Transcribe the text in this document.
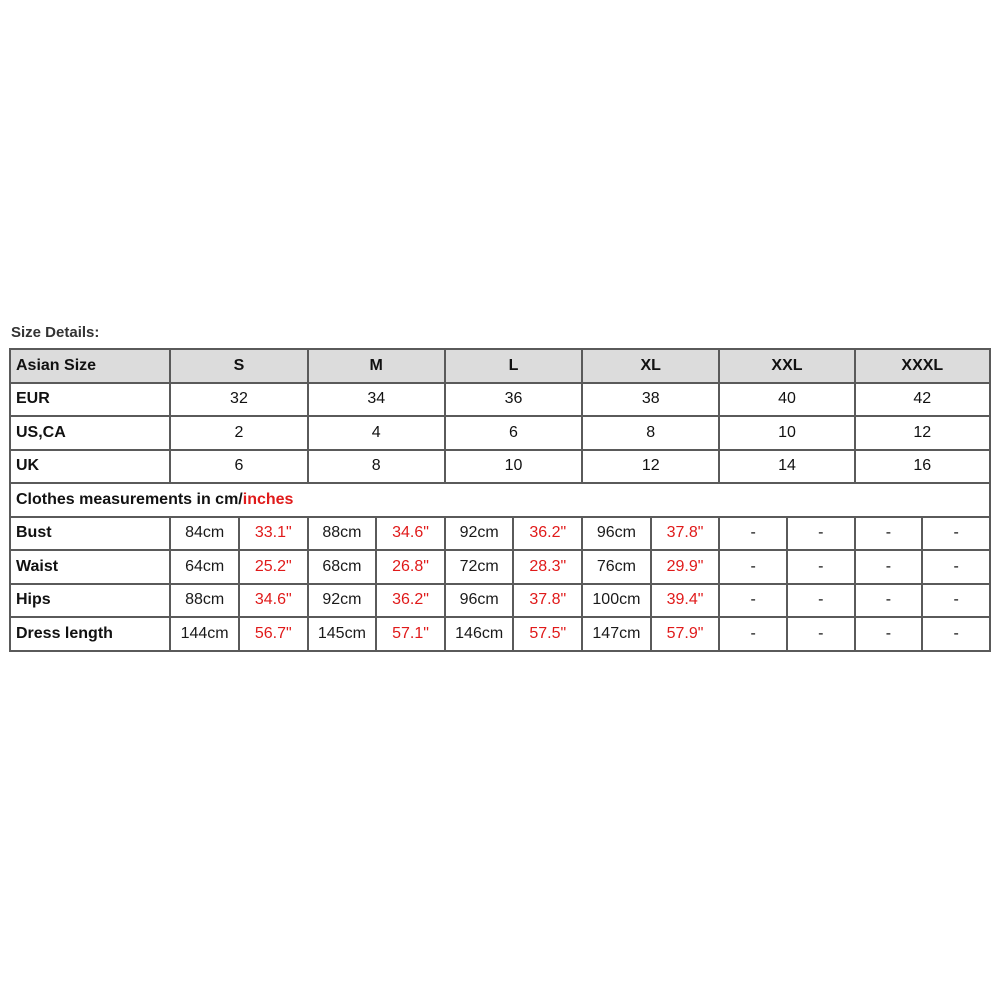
Size Details:
Asian Size	S		M		L		XL		XXL		XXXL	
EUR	32		34		36		38		40		42	
US,CA	2		4		6		8		10		12	
UK	6		8		10		12		14		16	
Clothes measurements in cm/inches												
Bust	84cm	33.1"	88cm	34.6"	92cm	36.2"	96cm	37.8"	-	-	-	-
Waist	64cm	25.2"	68cm	26.8"	72cm	28.3"	76cm	29.9"	-	-	-	-
Hips	88cm	34.6"	92cm	36.2"	96cm	37.8"	100cm	39.4"	-	-	-	-
Dress length	144cm	56.7"	145cm	57.1"	146cm	57.5"	147cm	57.9"	-	-	-	-
